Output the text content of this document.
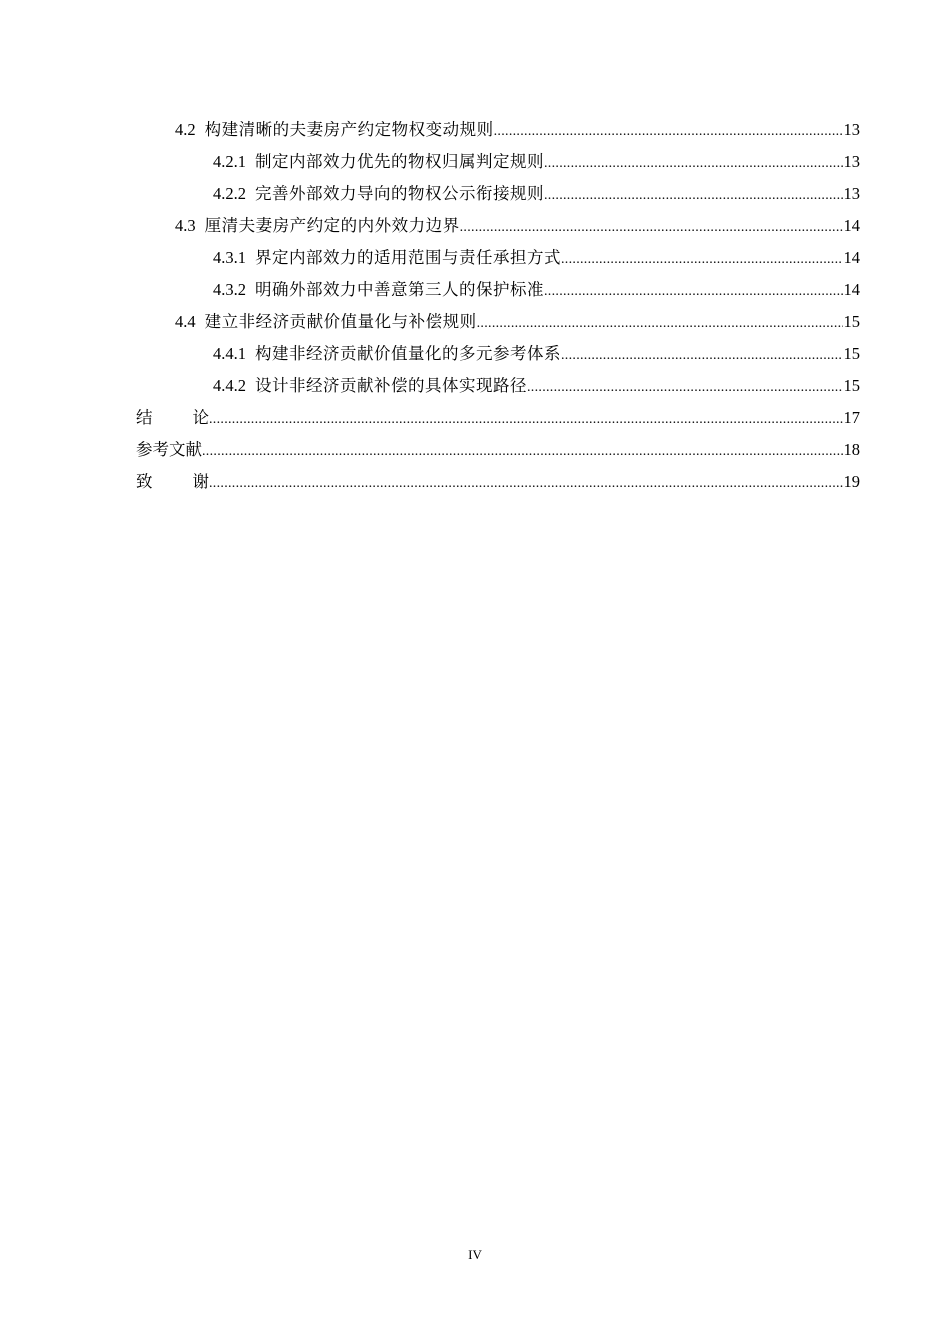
4.2 构建清晰的夫妻房产约定物权变动规则 .....	13
4.2.1 制定内部效力优先的物权归属判定规则 .....	13
4.2.2 完善外部效力导向的物权公示衔接规则 .....	13
4.3 厘清夫妻房产约定的内外效力边界 .....	14
4.3.1 界定内部效力的适用范围与责任承担方式 .....	14
4.3.2 明确外部效力中善意第三人的保护标准 .....	14
4.4 建立非经济贡献价值量化与补偿规则 .....	15
4.4.1 构建非经济贡献价值量化的多元参考体系 .....	15
4.4.2 设计非经济贡献补偿的具体实现路径 .....	15
结论 .....	17
参考文献 .....	18
致谢 .....	19
IV
